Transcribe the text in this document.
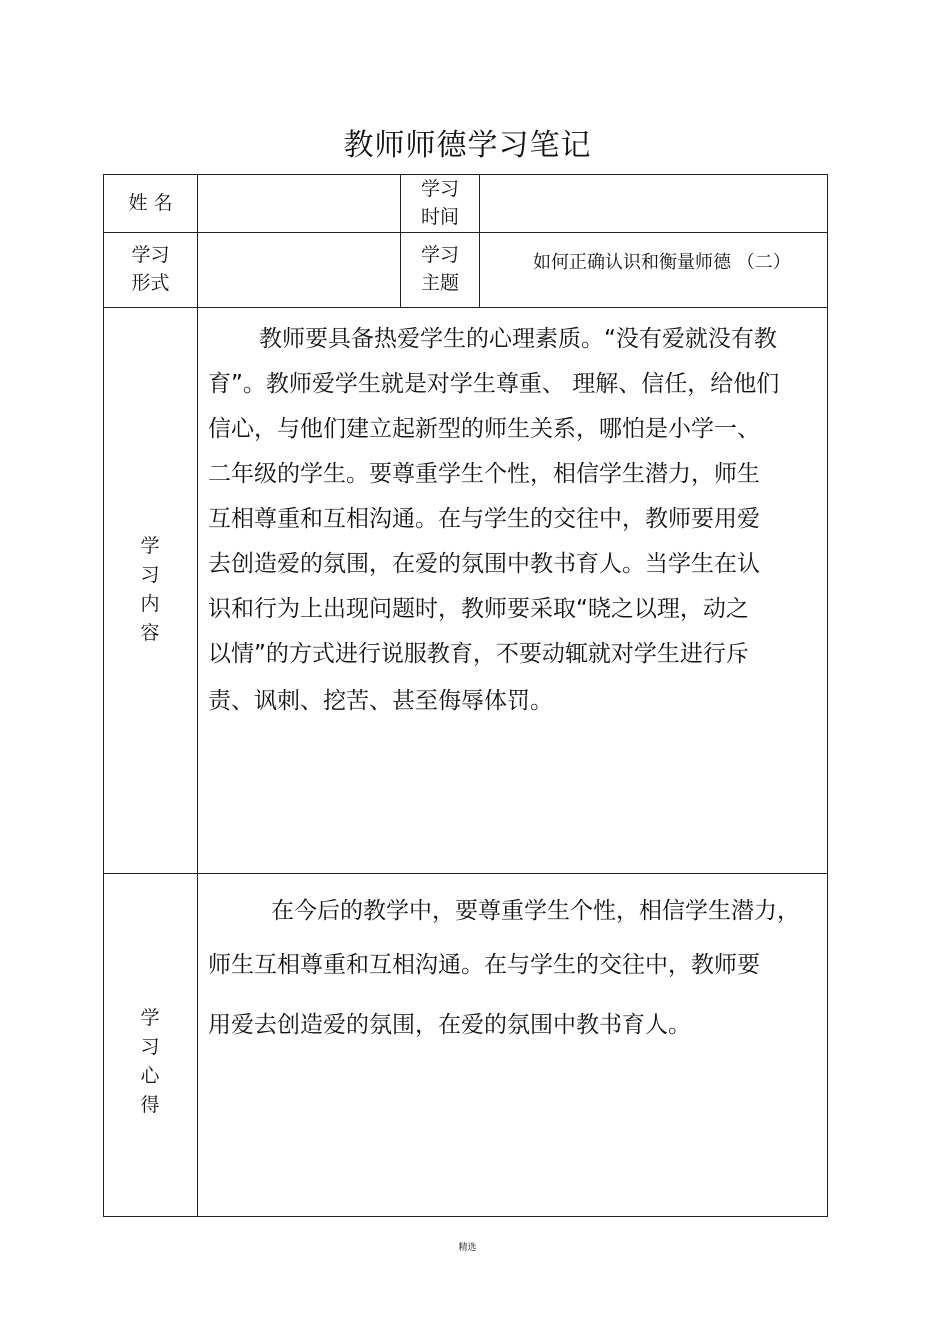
教师师德学习笔记
姓 名
学习
时间
学习
形式
学习
主题
如何正确认识和衡量师德 （二）
学习内容
教师要具备热爱学生的心理素质。“没有爱就没有教
育”。教师爱学生就是对学生尊重、 理解、信任，给他们
信心，与他们建立起新型的师生关系，哪怕是小学一、
二年级的学生。要尊重学生个性，相信学生潜力，师生
互相尊重和互相沟通。在与学生的交往中，教师要用爱
去创造爱的氛围，在爱的氛围中教书育人。当学生在认
识和行为上出现问题时，教师要采取“晓之以理，动之
以情”的方式进行说服教育，不要动辄就对学生进行斥
责、讽刺、挖苦、甚至侮辱体罚。
学习心得
在今后的教学中，要尊重学生个性，相信学生潜力，
师生互相尊重和互相沟通。在与学生的交往中，教师要
用爱去创造爱的氛围，在爱的氛围中教书育人。
精选
